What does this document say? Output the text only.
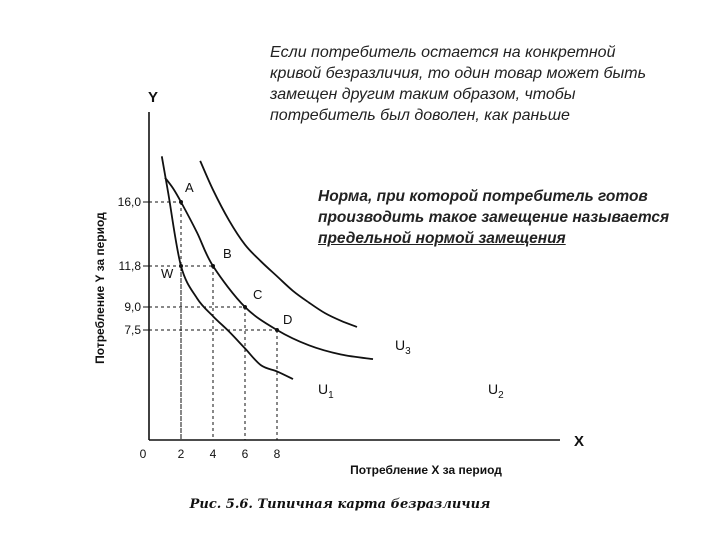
Если потребитель остается на конкретной кривой безразличия, то один товар может быть замещен другим таким образом, чтобы потребитель был доволен, как раньше
Норма, при которой потребитель готов производить такое замещение называется предельной нормой замещения
Y
X
0	2 4 6 8
16,0
11,8
9,0
7,5
$U_1$	$U_2$
$U_3$
A
B
C
D
W
Потребление Y за период
Потребление X за период
Рис. 5.6. Типичная карта безразличия
